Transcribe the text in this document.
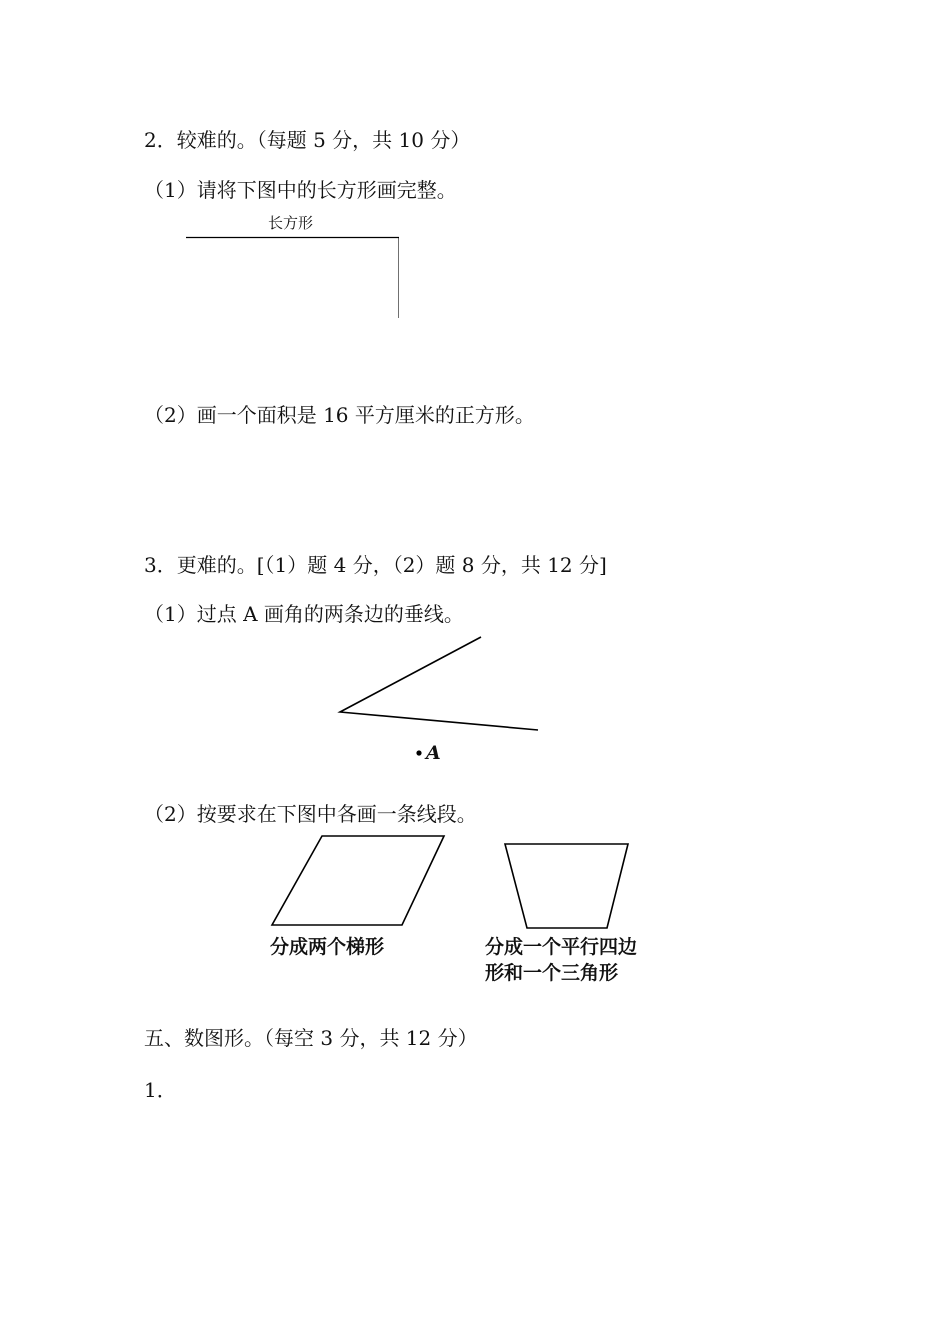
2．较难的。（每题 5 分，共 10 分）
（1）请将下图中的长方形画完整。
长方形
（2）画一个面积是 16 平方厘米的正方形。
3．更难的。[（1）题 4 分，（2）题 8 分，共 12 分]
（1）过点 A 画角的两条边的垂线。
A
（2）按要求在下图中各画一条线段。
分成两个梯形	分成一个平行四边
形和一个三角形
五、数图形。（每空 3 分，共 12 分）
1．
